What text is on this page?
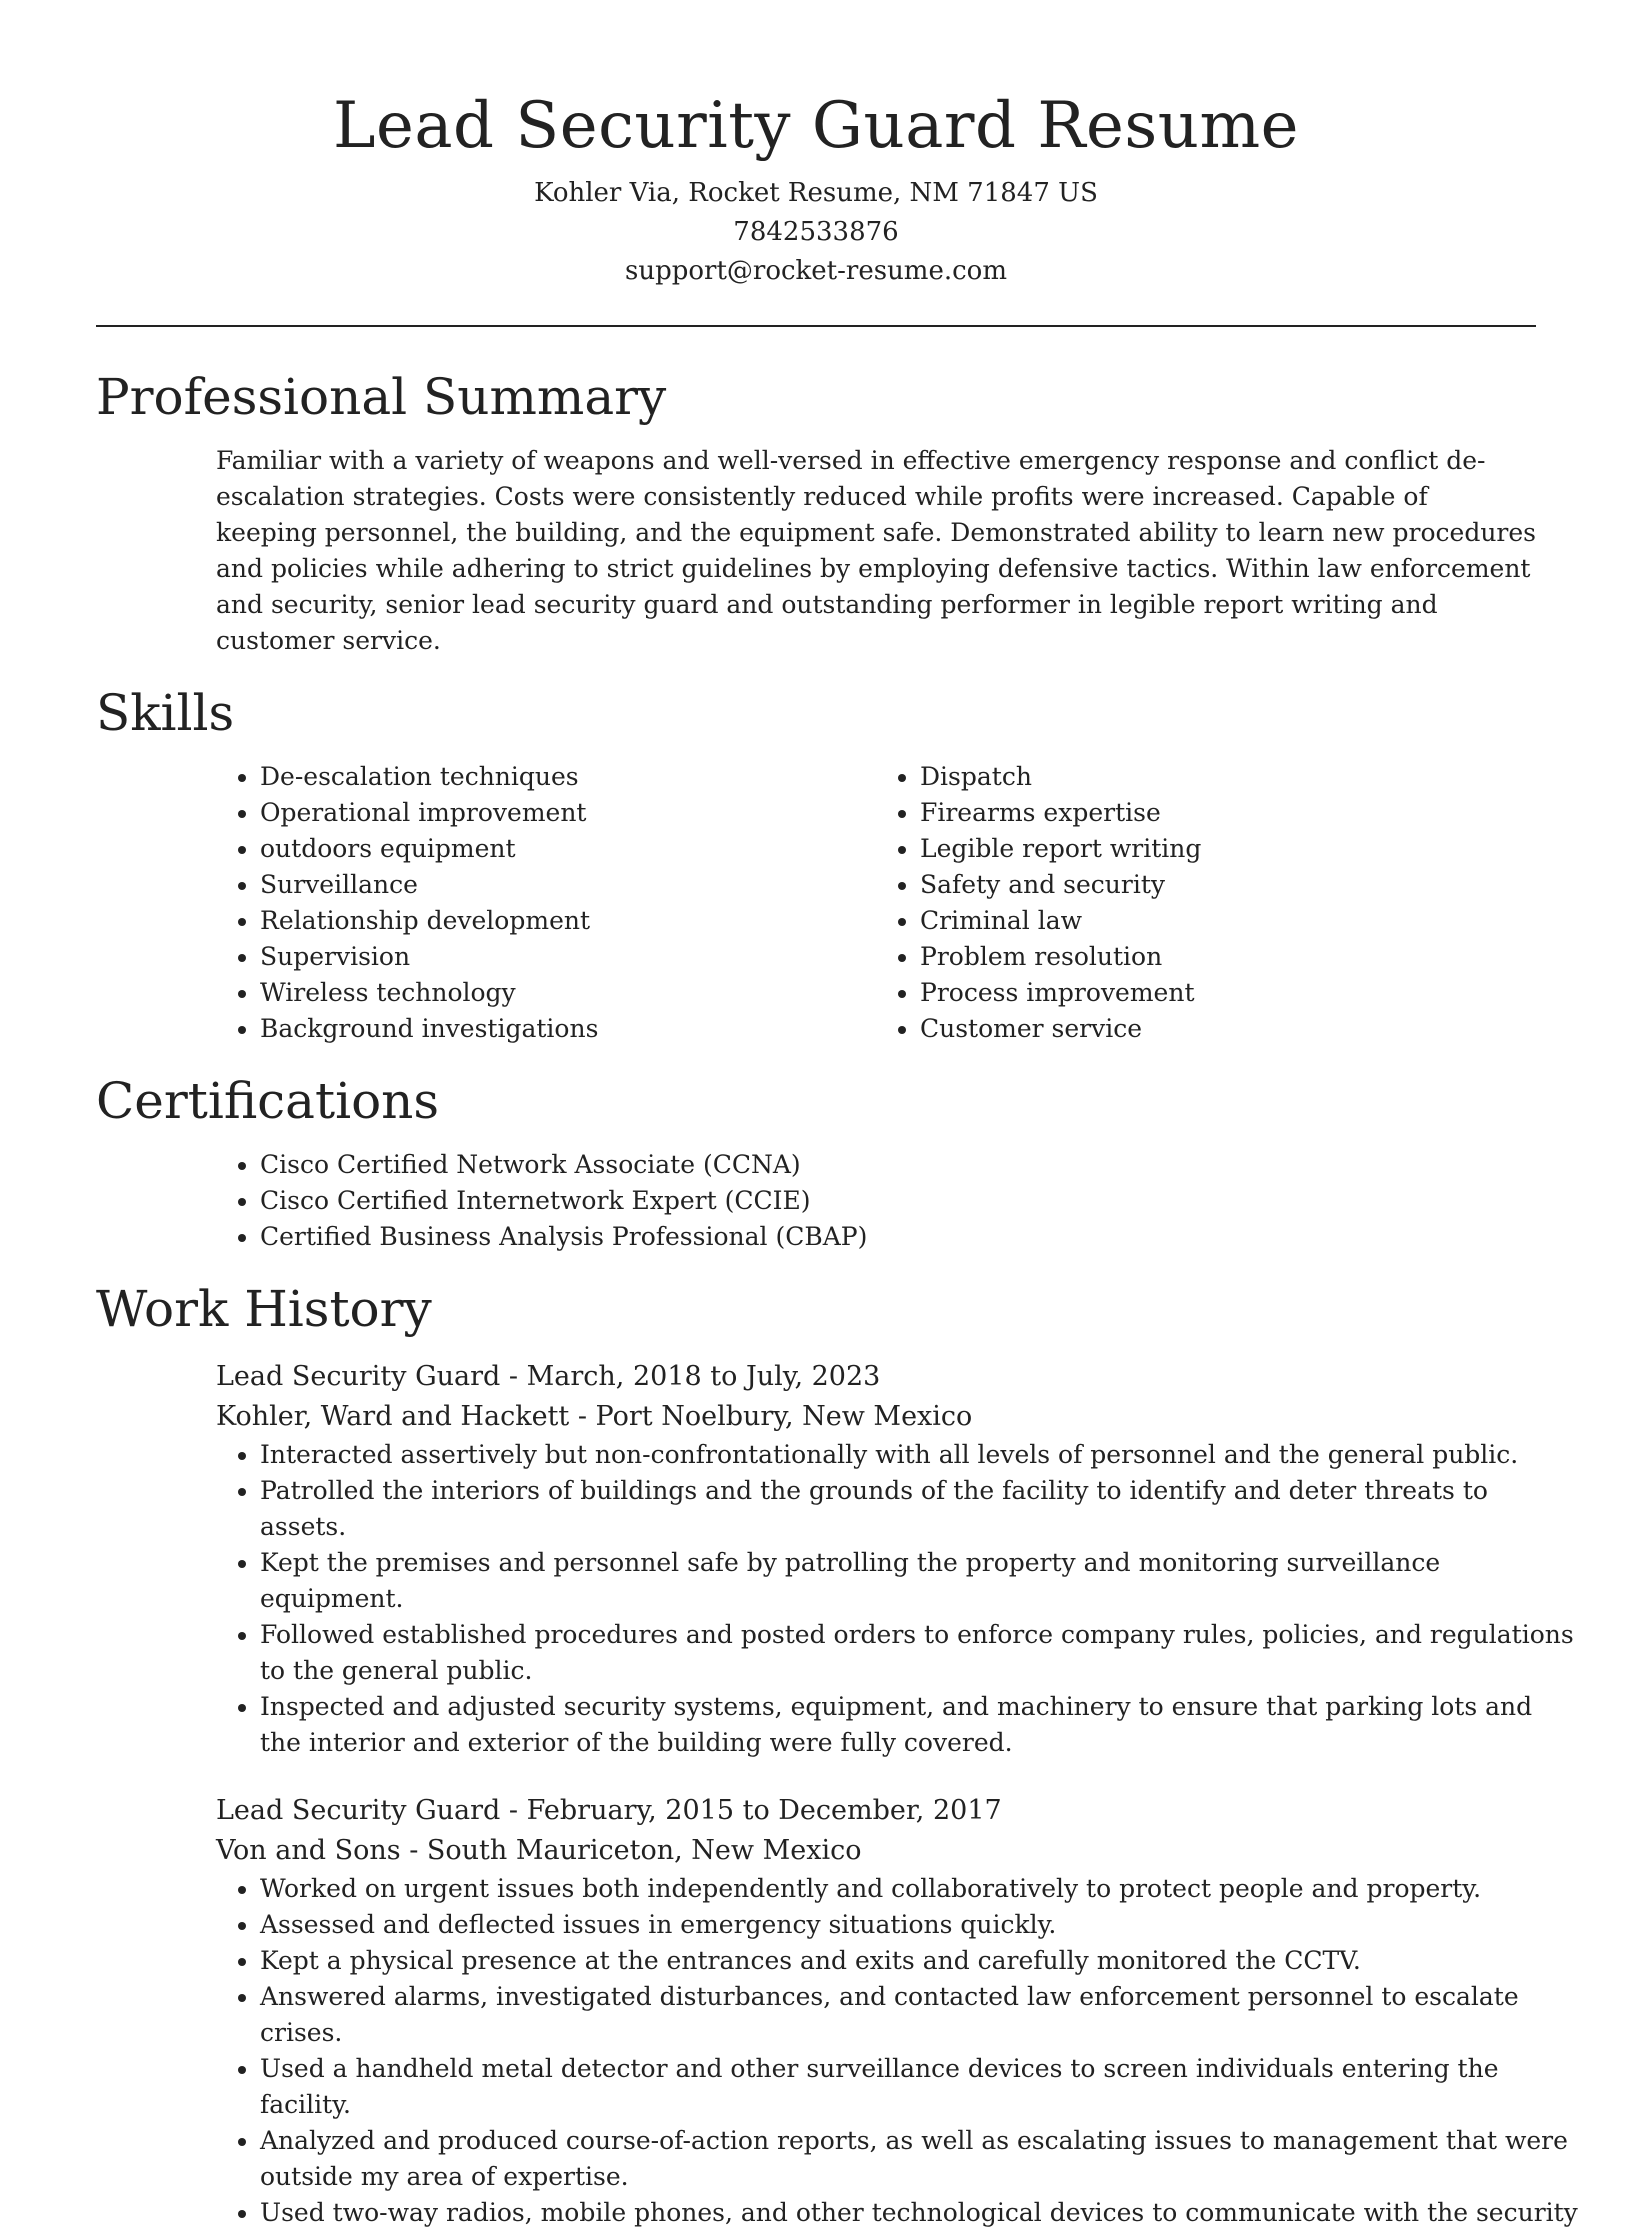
Lead Security Guard Resume
Kohler Via, Rocket Resume, NM 71847 US
7842533876
support@rocket-resume.com
Professional Summary

Familiar with a variety of weapons and well-versed in effective emergency response and conflict de-escalation strategies. Costs were consistently reduced while profits were increased. Capable of keeping personnel, the building, and the equipment safe. Demonstrated ability to learn new procedures and policies while adhering to strict guidelines by employing defensive tactics. Within law enforcement and security, senior lead security guard and outstanding performer in legible report writing and customer service.

Skills
• De-escalation techniques
• Operational improvement
• outdoors equipment
• Surveillance
• Relationship development
• Supervision
• Wireless technology
• Background investigations
• Dispatch
• Firearms expertise
• Legible report writing
• Safety and security
• Criminal law
• Problem resolution
• Process improvement
• Customer service
Certifications
• Cisco Certified Network Associate (CCNA)
• Cisco Certified Internetwork Expert (CCIE)
• Certified Business Analysis Professional (CBAP)
Work History
Lead Security Guard - March, 2018 to July, 2023
Kohler, Ward and Hackett - Port Noelbury, New Mexico
• Interacted assertively but non-confrontationally with all levels of personnel and the general public.
• Patrolled the interiors of buildings and the grounds of the facility to identify and deter threats to assets.
• Kept the premises and personnel safe by patrolling the property and monitoring surveillance equipment.
• Followed established procedures and posted orders to enforce company rules, policies, and regulations to the general public.
• Inspected and adjusted security systems, equipment, and machinery to ensure that parking lots and the interior and exterior of the building were fully covered.
Lead Security Guard - February, 2015 to December, 2017
Von and Sons - South Mauriceton, New Mexico
• Worked on urgent issues both independently and collaboratively to protect people and property.
• Assessed and deflected issues in emergency situations quickly.
• Kept a physical presence at the entrances and exits and carefully monitored the CCTV.
• Answered alarms, investigated disturbances, and contacted law enforcement personnel to escalate crises.
• Used a handheld metal detector and other surveillance devices to screen individuals entering the facility.
• Analyzed and produced course-of-action reports, as well as escalating issues to management that were outside my area of expertise.
• Used two-way radios, mobile phones, and other technological devices to communicate with the security
